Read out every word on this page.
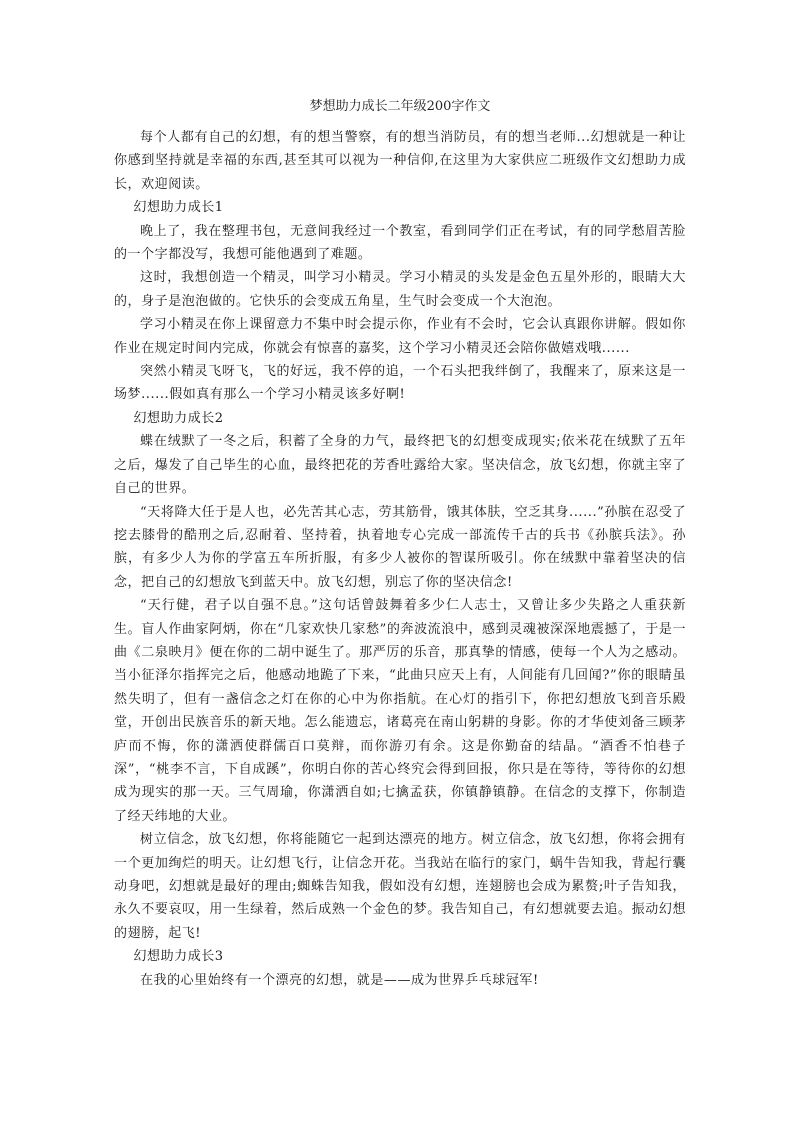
梦想助力成长二年级200字作文

每个人都有自己的幻想，有的想当警察，有的想当消防员，有的想当老师...幻想就是一种让你感到坚持就是幸福的东西,甚至其可以视为一种信仰,在这里为大家供应二班级作文幻想助力成长，欢迎阅读。

幻想助力成长1

晚上了，我在整理书包，无意间我经过一个教室，看到同学们正在考试，有的同学愁眉苦脸的一个字都没写，我想可能他遇到了难题。

这时，我想创造一个精灵，叫学习小精灵。学习小精灵的头发是金色五星外形的，眼睛大大的，身子是泡泡做的。它快乐的会变成五角星，生气时会变成一个大泡泡。

学习小精灵在你上课留意力不集中时会提示你，作业有不会时，它会认真跟你讲解。假如你作业在规定时间内完成，你就会有惊喜的嘉奖，这个学习小精灵还会陪你做嬉戏哦......

突然小精灵飞呀飞，飞的好远，我不停的追，一个石头把我绊倒了，我醒来了，原来这是一场梦......假如真有那么一个学习小精灵该多好啊!

幻想助力成长2

蝶在绒默了一冬之后，积蓄了全身的力气，最终把飞的幻想变成现实;依米花在绒默了五年之后，爆发了自己毕生的心血，最终把花的芳香吐露给大家。坚决信念，放飞幻想，你就主宰了自己的世界。

“天将降大任于是人也，必先苦其心志，劳其筋骨，饿其体肤，空乏其身......”孙膑在忍受了挖去膝骨的酷刑之后,忍耐着、坚持着，执着地专心完成一部流传千古的兵书《孙膑兵法》。孙膑，有多少人为你的学富五车所折服，有多少人被你的智谋所吸引。你在绒默中靠着坚决的信念，把自己的幻想放飞到蓝天中。放飞幻想，别忘了你的坚决信念!

“天行健，君子以自强不息。”这句话曾鼓舞着多少仁人志士，又曾让多少失路之人重获新生。盲人作曲家阿炳，你在“几家欢快几家愁”的奔波流浪中，感到灵魂被深深地震撼了，于是一曲《二泉映月》便在你的二胡中诞生了。那严厉的乐音，那真挚的情感，使每一个人为之感动。当小征泽尔指挥完之后，他感动地跪了下来，“此曲只应天上有，人间能有几回闻?”你的眼睛虽然失明了，但有一盏信念之灯在你的心中为你指航。在心灯的指引下，你把幻想放飞到音乐殿堂，开创出民族音乐的新天地。怎么能遗忘，诸葛亮在南山躬耕的身影。你的才华使刘备三顾茅庐而不悔，你的潇洒使群儒百口莫辩，而你游刃有余。这是你勤奋的结晶。“酒香不怕巷子深”，“桃李不言，下自成蹊”，你明白你的苦心终究会得到回报，你只是在等待，等待你的幻想成为现实的那一天。三气周瑜，你潇洒自如;七擒孟获，你镇静镇静。在信念的支撑下，你制造了经天纬地的大业。

树立信念，放飞幻想，你将能随它一起到达漂亮的地方。树立信念，放飞幻想，你将会拥有一个更加绚烂的明天。让幻想飞行，让信念开花。当我站在临行的家门，蜗牛告知我，背起行囊动身吧，幻想就是最好的理由;蜘蛛告知我，假如没有幻想，连翅膀也会成为累赘;叶子告知我，永久不要哀叹，用一生绿着，然后成熟一个金色的梦。我告知自己，有幻想就要去追。振动幻想的翅膀，起飞!

幻想助力成长3

在我的心里始终有一个漂亮的幻想，就是——成为世界乒乓球冠军!
